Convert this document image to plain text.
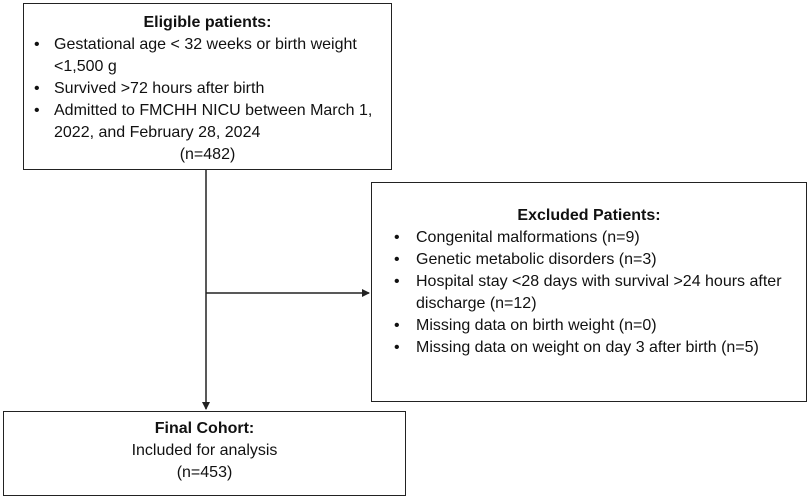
Eligible patients:
• Gestational age < 32 weeks or birth weight <1,500 g
• Survived >72 hours after birth
• Admitted to FMCHH NICU between March 1, 2022, and February 28, 2024
(n=482)
Excluded Patients:
• Congenital malformations (n=9)
• Genetic metabolic disorders (n=3)
• Hospital stay <28 days with survival >24 hours after discharge (n=12)
• Missing data on birth weight (n=0)
• Missing data on weight on day 3 after birth (n=5)
Final Cohort:
Included for analysis
(n=453)
